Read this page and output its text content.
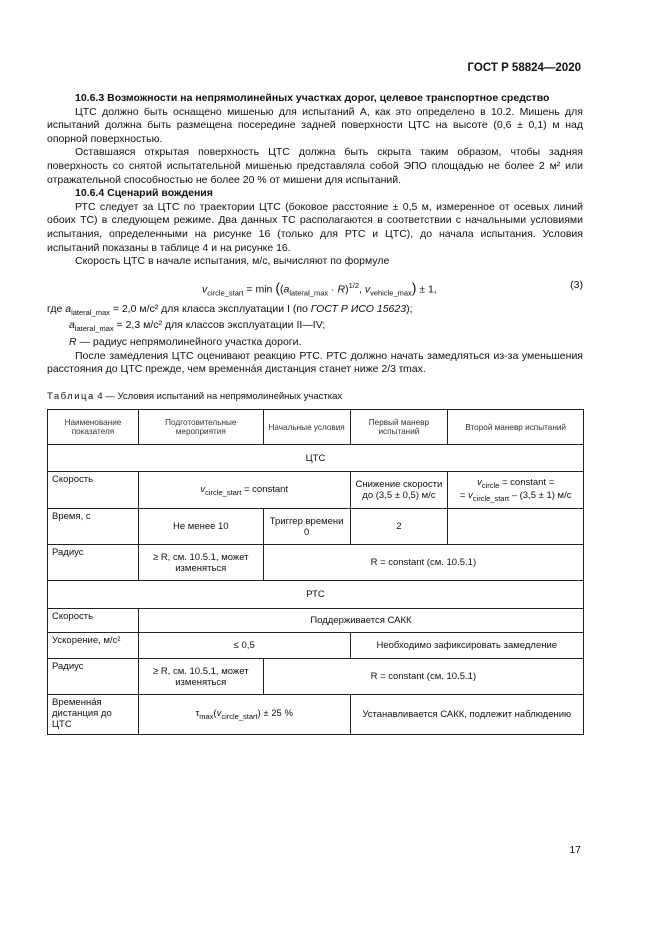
ГОСТ Р 58824—2020

10.6.3 Возможности на непрямолинейных участках дорог, целевое транспортное средство

ЦТС должно быть оснащено мишенью для испытаний А, как это определено в 10.2. Мишень для испытаний должна быть размещена посередине задней поверхности ЦТС на высоте (0,6 ± 0,1) м над опорной поверхностью.

Оставшаяся открытая поверхность ЦТС должна быть скрыта таким образом, чтобы задняя поверхность со снятой испытательной мишенью представляла собой ЭПО площадью не более 2 м² или отражательной способностью не более 20 % от мишени для испытаний.

10.6.4 Сценарий вождения

РТС следует за ЦТС по траектории ЦТС (боковое расстояние ± 0,5 м, измеренное от осевых линий обоих ТС) в следующем режиме. Два данных ТС располагаются в соответствии с начальными условиями испытания, определенными на рисунке 16 (только для РТС и ЦТС), до начала испытания. Условия испытаний показаны в таблице 4 и на рисунке 16.

Скорость ЦТС в начале испытания, м/с, вычисляют по формуле

$v_{circle\_start} = \min ((a_{lateral\_max} \cdot R)^{1/2}$, $v_{vehicle\_max}) \pm 1$,	(3)

где $a_{lateral\_max} = 2,0$ м/с² для класса эксплуатации I (по ГОСТ Р ИСО 15623);

$a_{lateral\_max} = 2,3$ м/с² для классов эксплуатации II—IV;

R — радиус непрямолинейного участка дороги.

После замедления ЦТС оценивают реакцию РТС. РТС должно начать замедляться из-за уменьшения расстояния до ЦТС прежде, чем временна́я дистанция станет ниже 2/3 τmax.

Таблица 4 — Условия испытаний на непрямолинейных участках
Наименование показателя	Подготовительные мероприятия	Начальные условия	Первый маневр испытаний	Второй маневр испытаний
ЦТС				
Скорость	$v_{circle\_start}$ = constant		Снижение скорости до (3,5 ± 0,5) м/с	$v_{circle}$ = constant =
= $v_{circle\_start} - (3,5 \pm 1)$ м/с
Время, с	Не менее 10	Триггер времени 0	2	
Радиус	≥ R, см. 10.5.1, может изменяться	R = constant (см. 10.5.1)		
РТС				
Скорость	Поддерживается САКК			
Ускорение, м/с²	≤ 0,5		Необходимо зафиксировать замедление	
Радиус	≥ R, см. 10.5.1, может изменяться	R = constant (см. 10.5.1)		
Временна́я дистанция до ЦТС	$\tau_{max}(v_{circle\_start}) \pm 25$ %		Устанавливается САКК, подлежит наблюдению	
17
